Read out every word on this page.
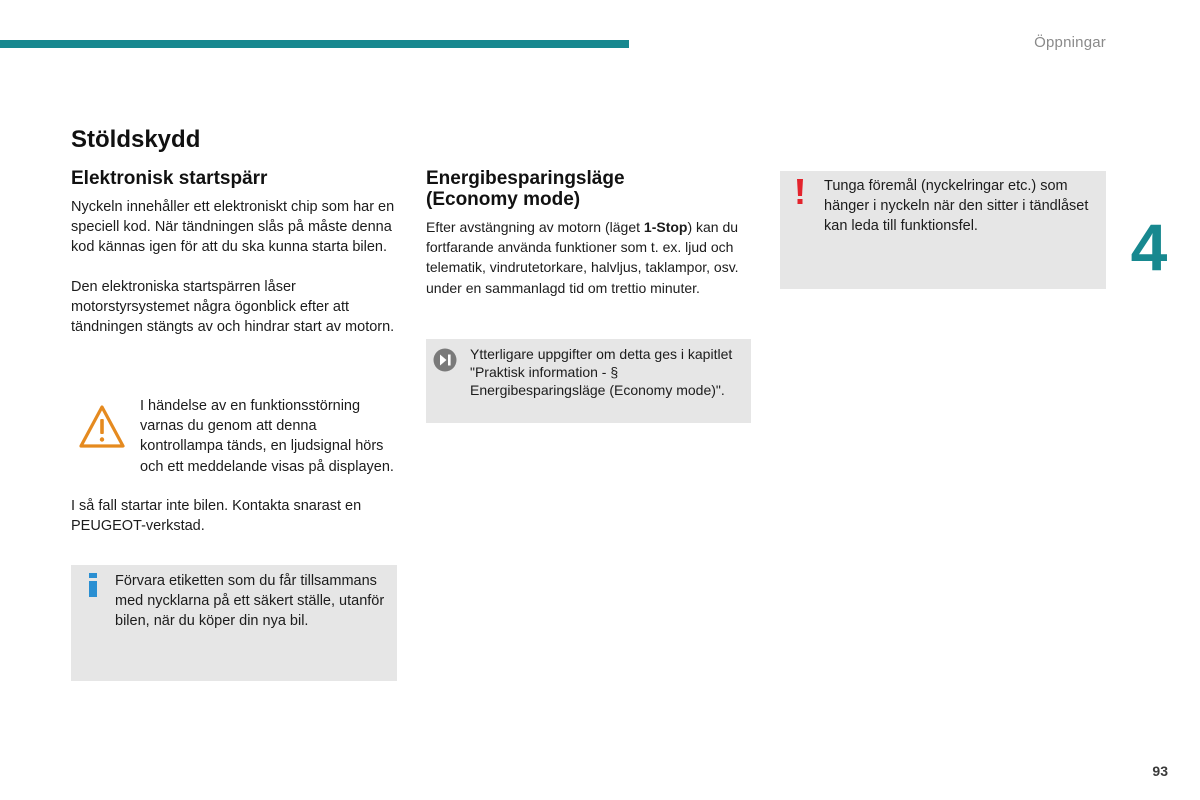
Öppningar
4
Stöldskydd
Elektronisk startspärr

Nyckeln innehåller ett elektroniskt chip som har en speciell kod. När tändningen slås på måste denna kod kännas igen för att du ska kunna starta bilen.

Den elektroniska startspärren låser motorstyrsystemet några ögonblick efter att tändningen stängts av och hindrar start av motorn.

I händelse av en funktionsstörning varnas du genom att denna kontrollampa tänds, en ljudsignal hörs och ett meddelande visas på displayen.

I så fall startar inte bilen. Kontakta snarast en PEUGEOT-verkstad.

Förvara etiketten som du får tillsammans med nycklarna på ett säkert ställe, utanför bilen, när du köper din nya bil.

Energibesparingsläge
(Economy mode)

Efter avstängning av motorn (läget 1-Stop) kan du fortfarande använda funktioner som t. ex. ljud och telematik, vindrutetorkare, halvljus, taklampor, osv. under en sammanlagd tid om trettio minuter.

Ytterligare uppgifter om detta ges i kapitlet "Praktisk information - § Energibesparingsläge (Economy mode)".

Tunga föremål (nyckelringar etc.) som hänger i nyckeln när den sitter i tändlåset kan leda till funktionsfel.

93
